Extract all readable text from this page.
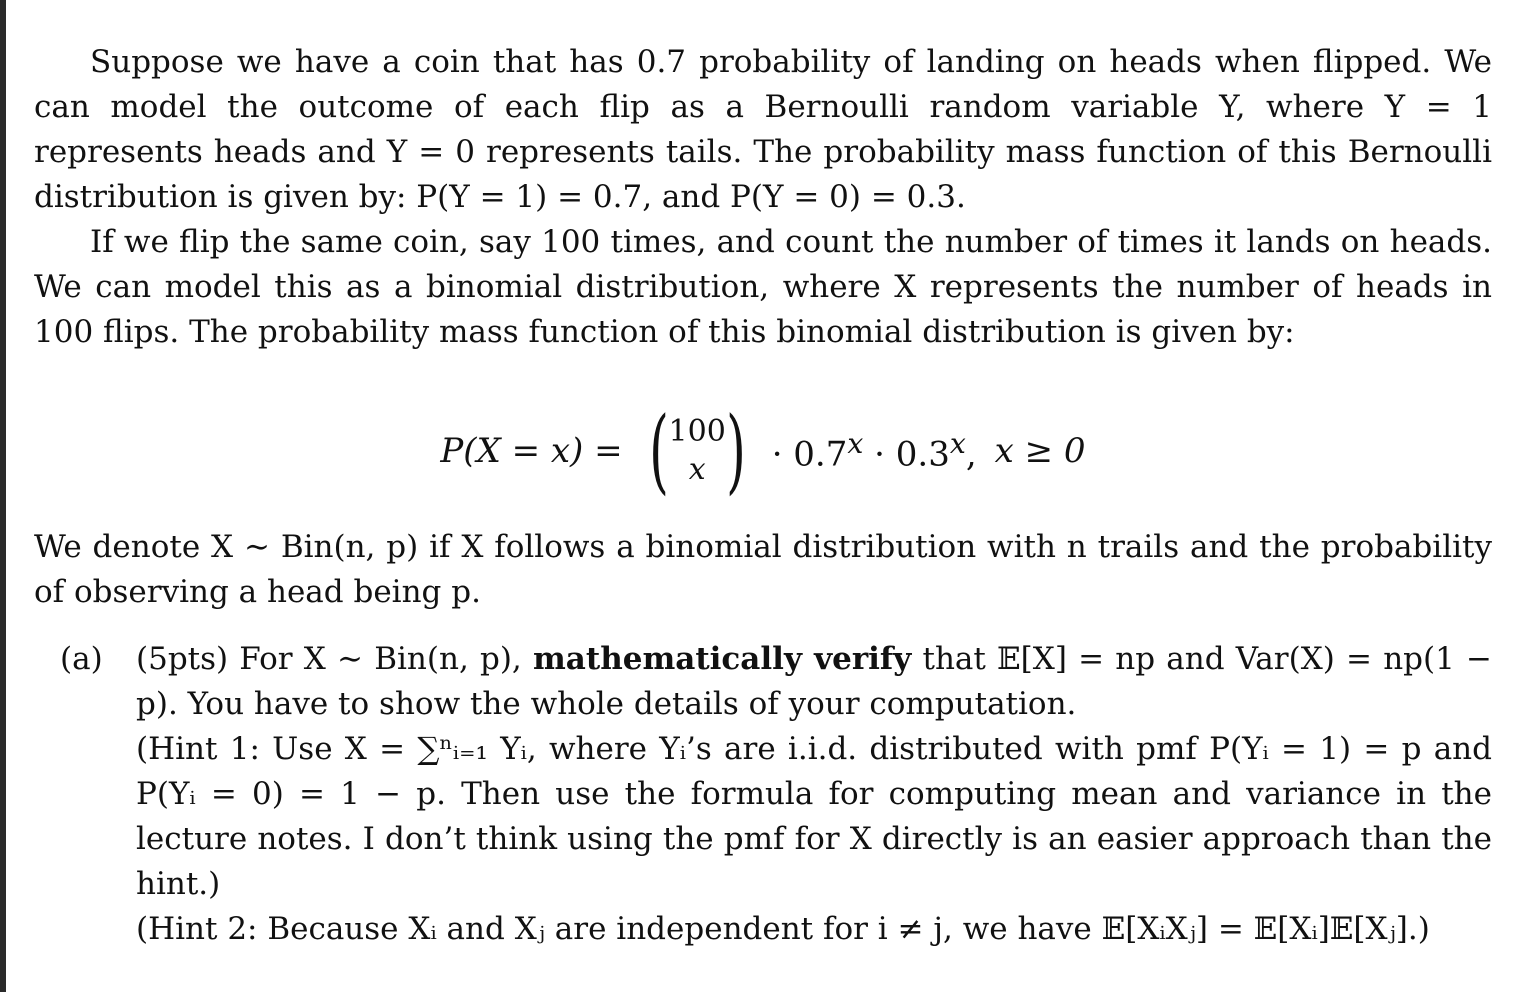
Suppose we have a coin that has 0.7 probability of landing on heads when flipped. We can model the outcome of each flip as a Bernoulli random variable Y, where Y = 1 represents heads and Y = 0 represents tails. The probability mass function of this Bernoulli distribution is given by: P(Y = 1) = 0.7, and P(Y = 0) = 0.3.

If we flip the same coin, say 100 times, and count the number of times it lands on heads. We can model this as a binomial distribution, where X represents the number of heads in 100 flips. The probability mass function of this binomial distribution is given by:

P(X = x) = ( 100
x ) · $0.7^x \cdot 0.3^x$, x ≥ 0

We denote X ∼ Bin(n, p) if X follows a binomial distribution with n trails and the probability of observing a head being p.

(a)	(5pts) For X ∼ Bin(n, p), mathematically verify that 𝔼[X] = np and Var(X) = np(1 − p). You have to show the whole details of your computation.
(Hint 1: Use X = ∑ⁿᵢ₌₁ Yᵢ, where Yᵢ’s are i.i.d. distributed with pmf P(Yᵢ = 1) = p and P(Yᵢ = 0) = 1 − p. Then use the formula for computing mean and variance in the lecture notes. I don’t think using the pmf for X directly is an easier approach than the hint.)
(Hint 2: Because Xᵢ and Xⱼ are independent for i ≠ j, we have 𝔼[XᵢXⱼ] = 𝔼[Xᵢ]𝔼[Xⱼ].)
